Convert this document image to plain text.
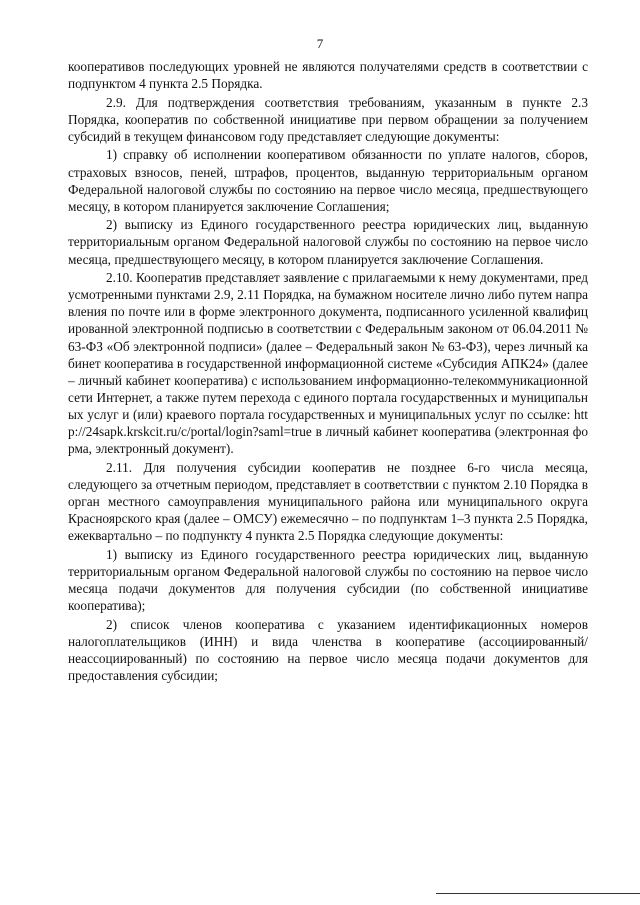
7

кооперативов последующих уровней не являются получателями средств в соответствии с подпунктом 4 пункта 2.5 Порядка.

2.9. Для подтверждения соответствия требованиям, указанным в пункте 2.3 Порядка, кооператив по собственной инициативе при первом обращении за получением субсидий в текущем финансовом году представляет следующие документы:

1) справку об исполнении кооперативом обязанности по уплате налогов, сборов, страховых взносов, пеней, штрафов, процентов, выданную территориальным органом Федеральной налоговой службы по состоянию на первое число месяца, предшествующего месяцу, в котором планируется заключение Соглашения;

2) выписку из Единого государственного реестра юридических лиц, выданную территориальным органом Федеральной налоговой службы по состоянию на первое число месяца, предшествующего месяцу, в котором планируется заключение Соглашения.

2.10. Кооператив представляет заявление с прилагаемыми к нему документами, предусмотренными пунктами 2.9, 2.11 Порядка, на бумажном носителе лично либо путем направления по почте или в форме электронного документа, подписанного усиленной квалифицированной электронной подписью в соответствии с Федеральным законом от 06.04.2011 № 63-ФЗ «Об электронной подписи» (далее – Федеральный закон № 63-ФЗ), через личный кабинет кооператива в государственной информационной системе «Субсидия АПК24» (далее – личный кабинет кооператива) с использованием информационно-телекоммуникационной сети Интернет, а также путем перехода с единого портала государственных и муниципальных услуг и (или) краевого портала государственных и муниципальных услуг по ссылке: http://24sapk.krskcit.ru/c/portal/login?saml=true в личный кабинет кооператива (электронная форма, электронный документ).

2.11. Для получения субсидии кооператив не позднее 6-го числа месяца, следующего за отчетным периодом, представляет в соответствии с пунктом 2.10 Порядка в орган местного самоуправления муниципального района или муниципального округа Красноярского края (далее – ОМСУ) ежемесячно – по подпунктам 1–3 пункта 2.5 Порядка, ежеквартально – по подпункту 4 пункта 2.5 Порядка следующие документы:

1) выписку из Единого государственного реестра юридических лиц, выданную территориальным органом Федеральной налоговой службы по состоянию на первое число месяца подачи документов для получения субсидии (по собственной инициативе кооператива);

2) список членов кооператива с указанием идентификационных номеров налогоплательщиков (ИНН) и вида членства в кооперативе (ассоциированный/неассоциированный) по состоянию на первое число месяца подачи документов для предоставления субсидии;
